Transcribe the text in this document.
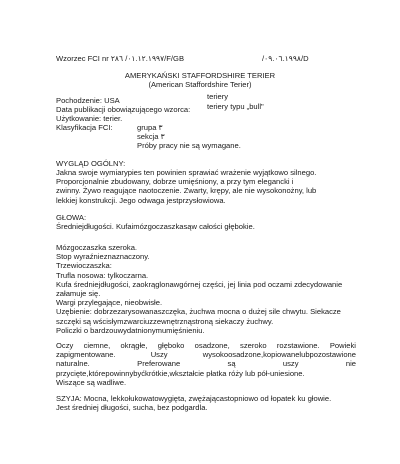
Wzorzec FCI nr ۲۸٦ /۰۱.۱۲.۱۹۹۷/F/GB	/۰۹.۰٦.۱۹۹۸/D
AMERYKAŃSKI STAFFORDSHIRE TERIER
(American Staffordshire Terier)
Pochodzenie: USA
Data publikacji obowiązującego wzorca:
Użytkowanie: terier.
Klasyfikacja FCI:	grupa ۳
sekcja ۳
Próby pracy nie są wymagane.
teriery
teriery typu „bull"
WYGLĄD OGÓLNY:
Jakna swoje wymiarypies ten powinien sprawiać wrażenie wyjątkowo silnego.
Proporcjonalnie zbudowany, dobrze umięśniony, a przy tym elegancki i
zwinny. Żywo reagujące naotoczenie. Zwarty, krępy, ale nie wysokonożny, lub
lekkiej konstrukcji. Jego odwaga jestprzysłowiowa.
GŁOWA:
Średniejdługości. Kufaimózgoczaszkasąw całości głębokie.
Mózgoczaszka szeroka.
Stop wyraźnieznaznaczony.
Trzewioczaszka:
Trufla nosowa: tylkoczarna.
Kufa średniejdługości, zaokrąglonawgórnej części, jej linia pod oczami zdecydowanie
załamuje się.
Wargi przylegające, nieobwisłe.
Uzębienie: dobrzezarysowanaszczęka, żuchwa mocna o dużej sile chwytu. Siekacze
szczęki są wścisłymzwarciuzzewnętrznąstroną siekaczy żuchwy.
Policzki o bardzouwydatnionymumięśnieniu.
Oczy ciemne, okrągłe, głęboko osadzone, szeroko rozstawione. Powieki
zapigmentowane. Uszy wysokoosadzone,kopiowanelubpozostawione
naturalne. Preferowane są uszy nie
przycięte,którepowinnybyćkrótkie,wkształcie płatka róży lub pół-uniesione.
Wiszące są wadliwe.
SZYJA: Mocna, lekkołukowatowygięta, zwężającastopniowo od łopatek ku głowie.
Jest średniej długości, sucha, bez podgardla.
